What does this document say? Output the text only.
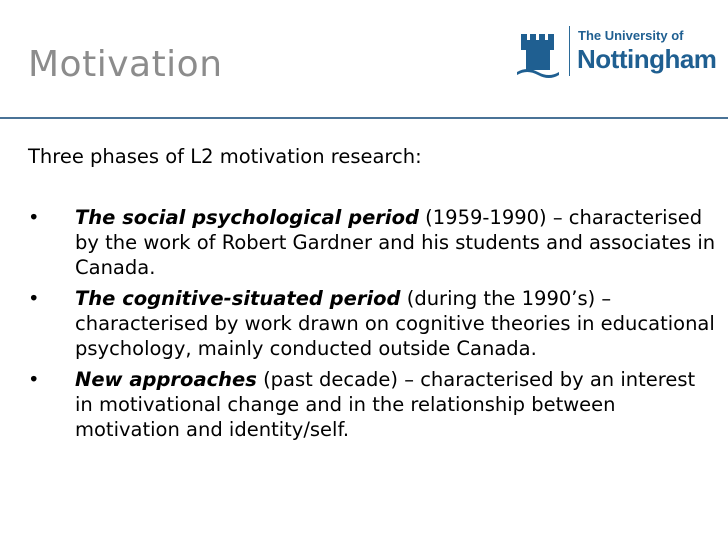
Motivation
The University of
Nottingham
Three phases of L2 motivation research:
• The social psychological period (1959-1990) – characterised by the work of Robert Gardner and his students and associates in Canada.
• The cognitive-situated period (during the 1990’s) – characterised by work drawn on cognitive theories in educational psychology, mainly conducted outside Canada.
• New approaches (past decade) – characterised by an interest in motivational change and in the relationship between motivation and identity/self.
